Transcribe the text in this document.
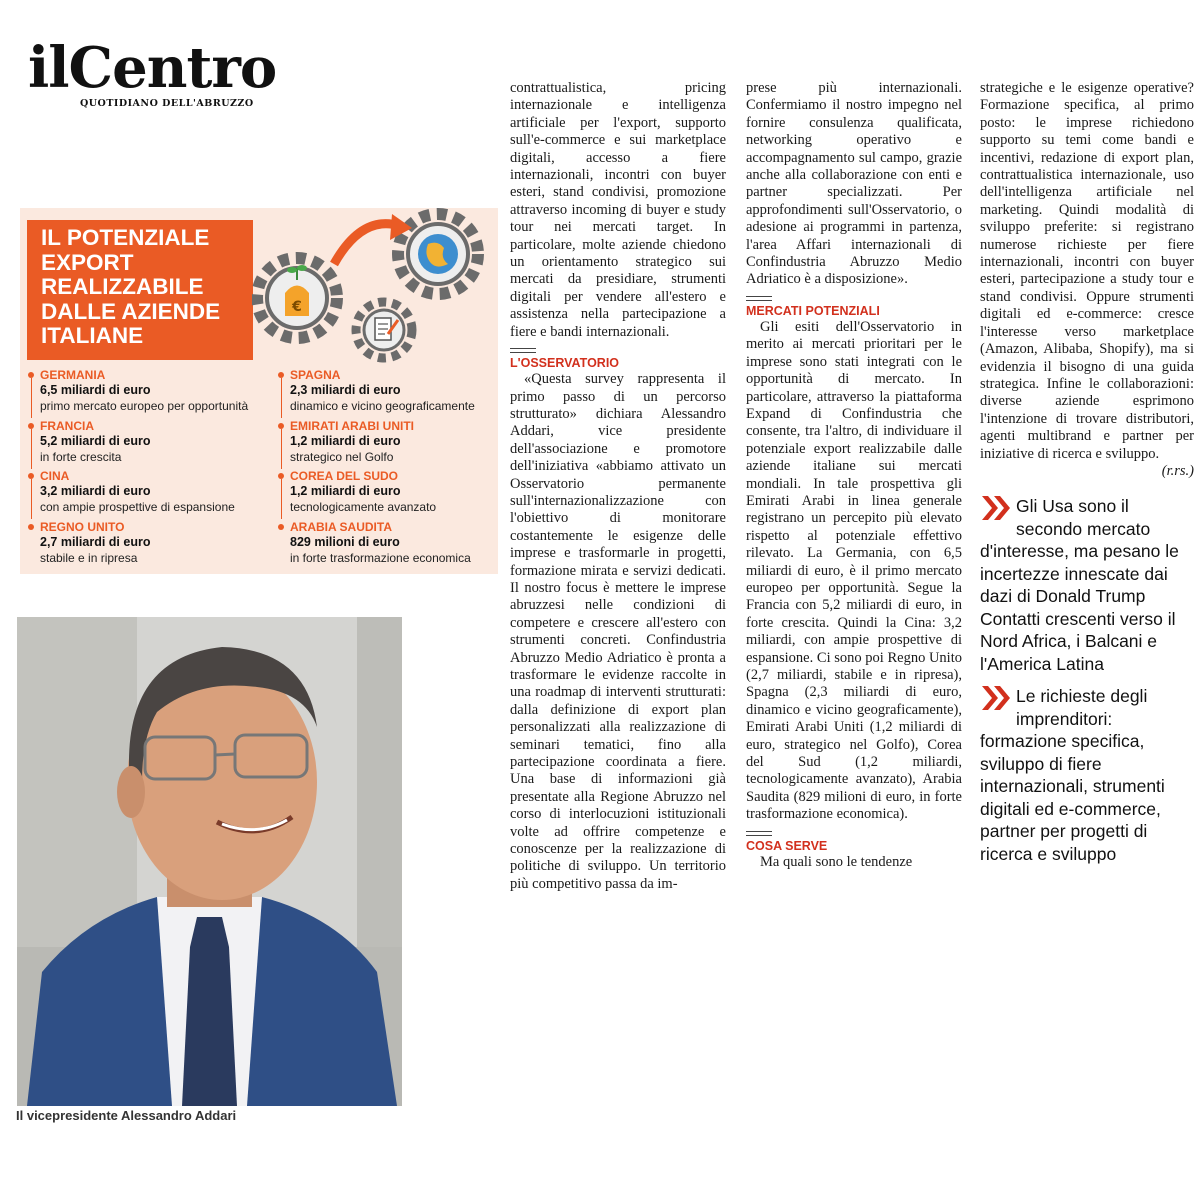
ilCentro
QUOTIDIANO DELL'ABRUZZO
IL POTENZIALE
EXPORT
REALIZZABILE
DALLE AZIENDE
ITALIANE
€
GERMANIA
6,5 miliardi di euro
primo mercato europeo per opportunità
FRANCIA
5,2 miliardi di euro
in forte crescita
CINA
3,2 miliardi di euro
con ampie prospettive di espansione
REGNO UNITO
2,7 miliardi di euro
stabile e in ripresa
SPAGNA
2,3 miliardi di euro
dinamico e vicino geograficamente
EMIRATI ARABI UNITI
1,2 miliardi di euro
strategico nel Golfo
COREA DEL SUDO
1,2 miliardi di euro
tecnologicamente avanzato
ARABIA SAUDITA
829 milioni di euro
in forte trasformazione economica
Il vicepresidente Alessandro Addari

contrattualistica, pricing internazionale e intelligenza artificiale per l'export, supporto sull'e-commerce e sui marketplace digitali, accesso a fiere internazionali, incontri con buyer esteri, stand condivisi, promozione attraverso incoming di buyer e study tour nei mercati target. In particolare, molte aziende chiedono un orientamento strategico sui mercati da presidiare, strumenti digitali per vendere all'estero e assistenza nella partecipazione a fiere e bandi internazionali.

L'OSSERVATORIO

«Questa survey rappresenta il primo passo di un percorso strutturato» dichiara Alessandro Addari, vice presidente dell'associazione e promotore dell'iniziativa «abbiamo attivato un Osservatorio permanente sull'internazionalizzazione con l'obiettivo di monitorare costantemente le esigenze delle imprese e trasformarle in progetti, formazione mirata e servizi dedicati. Il nostro focus è mettere le imprese abruzzesi nelle condizioni di competere e crescere all'estero con strumenti concreti. Confindustria Abruzzo Medio Adriatico è pronta a trasformare le evidenze raccolte in una roadmap di interventi strutturati: dalla definizione di export plan personalizzati alla realizzazione di seminari tematici, fino alla partecipazione coordinata a fiere. Una base di informazioni già presentate alla Regione Abruzzo nel corso di interlocuzioni istituzionali volte ad offrire competenze e conoscenze per la realizzazione di politiche di sviluppo. Un territorio più competitivo passa da im-

prese più internazionali. Confermiamo il nostro impegno nel fornire consulenza qualificata, networking operativo e accompagnamento sul campo, grazie anche alla collaborazione con enti e partner specializzati. Per approfondimenti sull'Osservatorio, o adesione ai programmi in partenza, l'area Affari internazionali di Confindustria Abruzzo Medio Adriatico è a disposizione».

MERCATI POTENZIALI

Gli esiti dell'Osservatorio in merito ai mercati prioritari per le imprese sono stati integrati con le opportunità di mercato. In particolare, attraverso la piattaforma Expand di Confindustria che consente, tra l'altro, di individuare il potenziale export realizzabile dalle aziende italiane sui mercati mondiali. In tale prospettiva gli Emirati Arabi in linea generale registrano un percepito più elevato rispetto al potenziale effettivo rilevato. La Germania, con 6,5 miliardi di euro, è il primo mercato europeo per opportunità. Segue la Francia con 5,2 miliardi di euro, in forte crescita. Quindi la Cina: 3,2 miliardi, con ampie prospettive di espansione. Ci sono poi Regno Unito (2,7 miliardi, stabile e in ripresa), Spagna (2,3 miliardi di euro, dinamico e vicino geograficamente), Emirati Arabi Uniti (1,2 miliardi di euro, strategico nel Golfo), Corea del Sud (1,2 miliardi, tecnologicamente avanzato), Arabia Saudita (829 milioni di euro, in forte trasformazione economica).

COSA SERVE

Ma quali sono le tendenze

strategiche e le esigenze operative? Formazione specifica, al primo posto: le imprese richiedono supporto su temi come bandi e incentivi, redazione di export plan, contrattualistica internazionale, uso dell'intelligenza artificiale nel marketing. Quindi modalità di sviluppo preferite: si registrano numerose richieste per fiere internazionali, incontri con buyer esteri, partecipazione a study tour e stand condivisi. Oppure strumenti digitali ed e-commerce: cresce l'interesse verso marketplace (Amazon, Alibaba, Shopify), ma si evidenzia il bisogno di una guida strategica. Infine le collaborazioni: diverse aziende esprimono l'intenzione di trovare distributori, agenti multibrand e partner per iniziative di ricerca e sviluppo.

(r.rs.)

Gli Usa sono il secondo mercato d'interesse, ma pesano le incertezze innescate dai dazi di Donald Trump Contatti crescenti verso il Nord Africa, i Balcani e l'America Latina
Le richieste degli imprenditori: formazione specifica, sviluppo di fiere internazionali, strumenti digitali ed e-commerce, partner per progetti di ricerca e sviluppo
